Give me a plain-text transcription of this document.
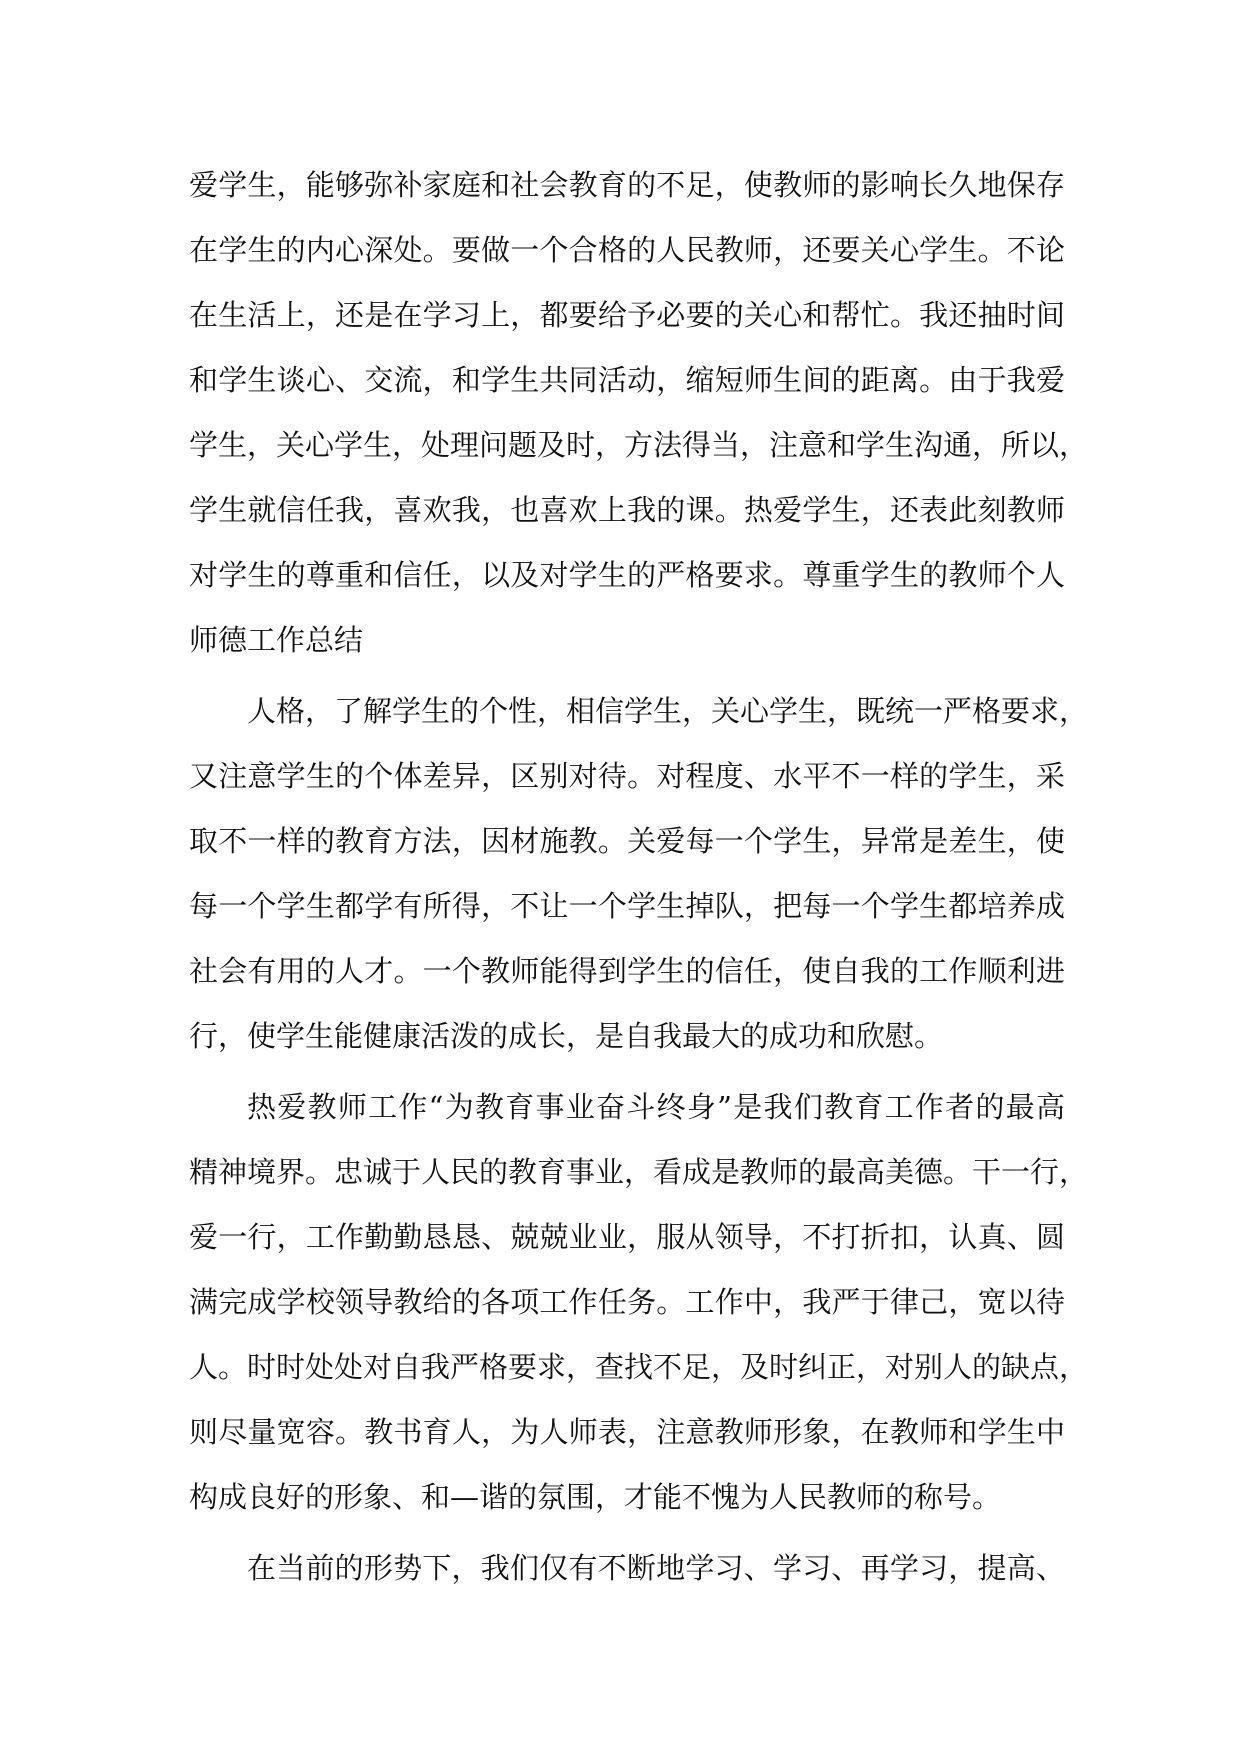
爱学生，能够弥补家庭和社会教育的不足，使教师的影响长久地保存
在学生的内心深处。要做一个合格的人民教师，还要关心学生。不论
在生活上，还是在学习上，都要给予必要的关心和帮忙。我还抽时间
和学生谈心、交流，和学生共同活动，缩短师生间的距离。由于我爱
学生，关心学生，处理问题及时，方法得当，注意和学生沟通，所以，
学生就信任我，喜欢我，也喜欢上我的课。热爱学生，还表此刻教师
对学生的尊重和信任，以及对学生的严格要求。尊重学生的教师个人
师德工作总结
人格，了解学生的个性，相信学生，关心学生，既统一严格要求，
又注意学生的个体差异，区别对待。对程度、水平不一样的学生，采
取不一样的教育方法，因材施教。关爱每一个学生，异常是差生，使
每一个学生都学有所得，不让一个学生掉队，把每一个学生都培养成
社会有用的人才。一个教师能得到学生的信任，使自我的工作顺利进
行，使学生能健康活泼的成长，是自我最大的成功和欣慰。
热爱教师工作“为教育事业奋斗终身”是我们教育工作者的最高
精神境界。忠诚于人民的教育事业，看成是教师的最高美德。干一行，
爱一行，工作勤勤恳恳、兢兢业业，服从领导，不打折扣，认真、圆
满完成学校领导教给的各项工作任务。工作中，我严于律己，宽以待
人。时时处处对自我严格要求，查找不足，及时纠正，对别人的缺点，
则尽量宽容。教书育人，为人师表，注意教师形象，在教师和学生中
构成良好的形象、和—谐的氛围，才能不愧为人民教师的称号。
在当前的形势下，我们仅有不断地学习、学习、再学习，提高、
